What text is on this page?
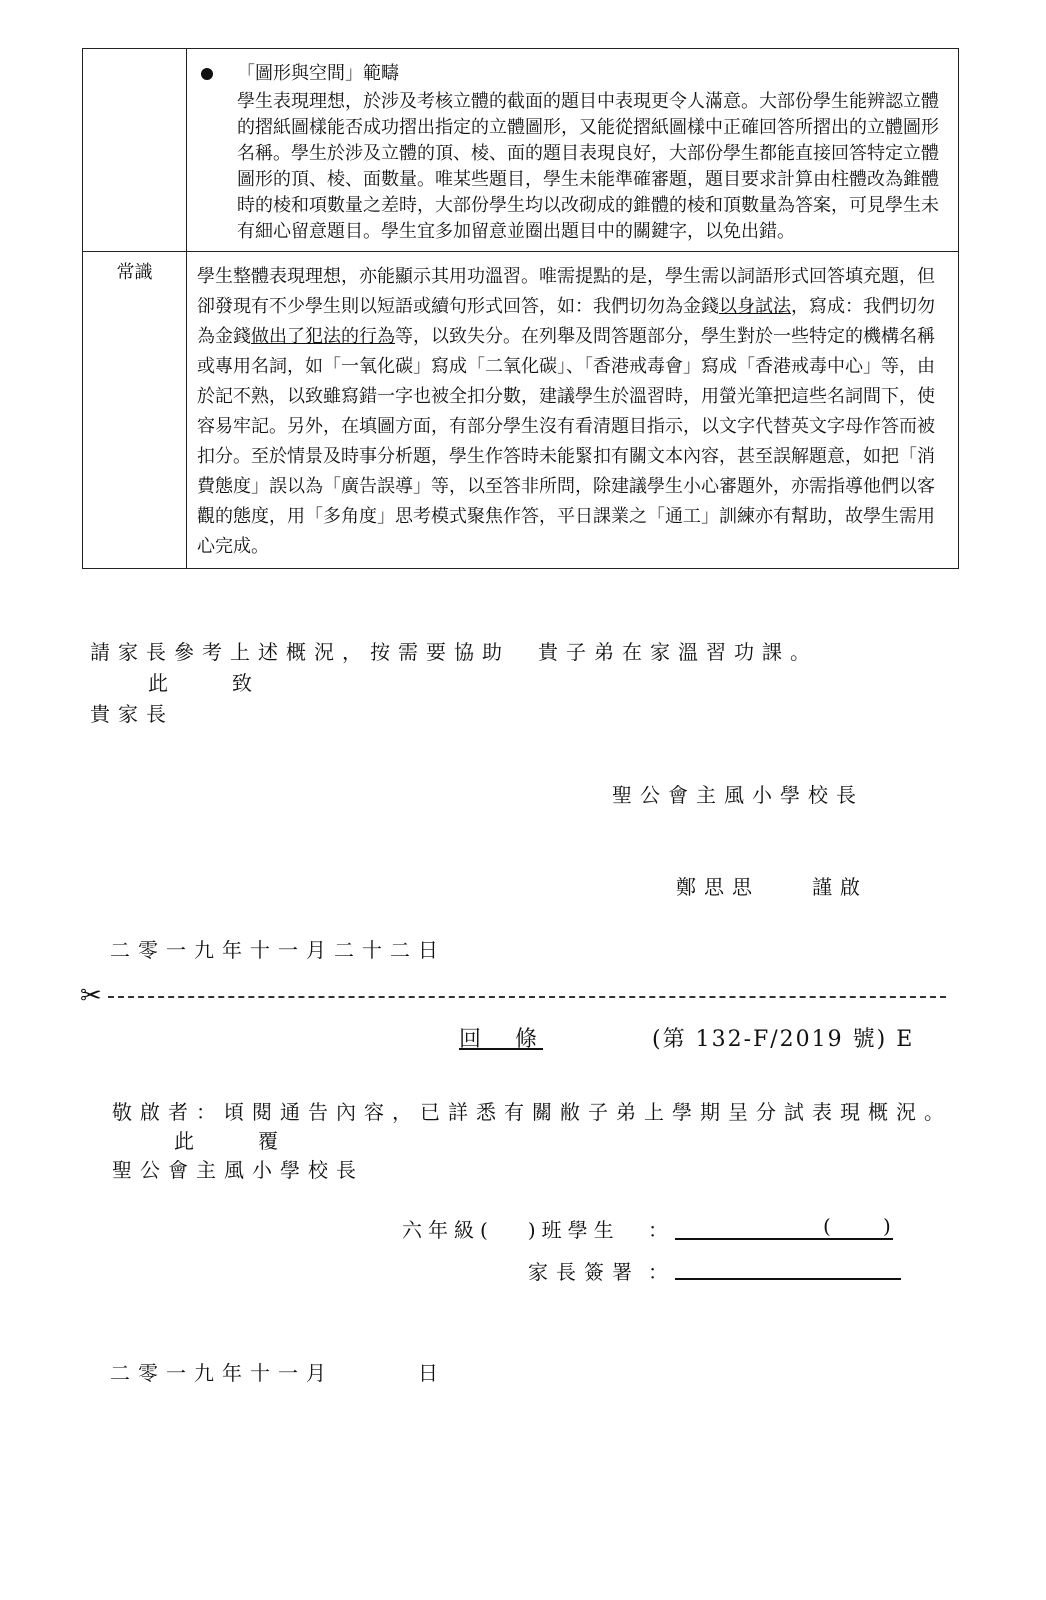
	「圖形與空間」範疇
學生表現理想，於涉及考核立體的截面的題目中表現更令人滿意。大部份學生能辨認立體的摺紙圖樣能否成功摺出指定的立體圖形，又能從摺紙圖樣中正確回答所摺出的立體圖形名稱。學生於涉及立體的頂、棱、面的題目表現良好，大部份學生都能直接回答特定立體圖形的頂、棱、面數量。唯某些題目，學生未能準確審題，題目要求計算由柱體改為錐體時的棱和項數量之差時，大部份學生均以改砌成的錐體的棱和頂數量為答案，可見學生未有細心留意題目。學生宜多加留意並圈出題目中的關鍵字，以免出錯。

常識	學生整體表現理想，亦能顯示其用功溫習。唯需提點的是，學生需以詞語形式回答填充題，但卻發現有不少學生則以短語或續句形式回答，如：我們切勿為金錢以身試法，寫成：我們切勿為金錢做出了犯法的行為等，以致失分。在列舉及問答題部分，學生對於一些特定的機構名稱或專用名詞，如「一氧化碳」寫成「二氧化碳」、「香港戒毒會」寫成「香港戒毒中心」等，由於記不熟，以致雖寫錯一字也被全扣分數，建議學生於溫習時，用螢光筆把這些名詞間下，使容易牢記。另外，在填圖方面，有部分學生沒有看清題目指示，以文字代替英文字母作答而被扣分。至於情景及時事分析題，學生作答時未能緊扣有關文本內容，甚至誤解題意，如把「消費態度」誤以為「廣告誤導」等，以至答非所問，除建議學生小心審題外，亦需指導他們以客觀的態度，用「多角度」思考模式聚焦作答，平日課業之「通工」訓練亦有幫助，故學生需用心完成。
請家長參考上述概況，按需要協助　貴子弟在家溫習功課。
此　　致
貴家長
聖公會主風小學校長
鄭思思	謹啟
二零一九年十一月二十二日
✂
回　條	(第 132-F/2019 號) E
敬啟者：頃閱通告內容，已詳悉有關敝子弟上學期呈分試表現概況。
此　　覆
聖公會主風小學校長
六年級( )班學生 ：	(	)
家長簽署 ：
二零一九年十一月　　　日
